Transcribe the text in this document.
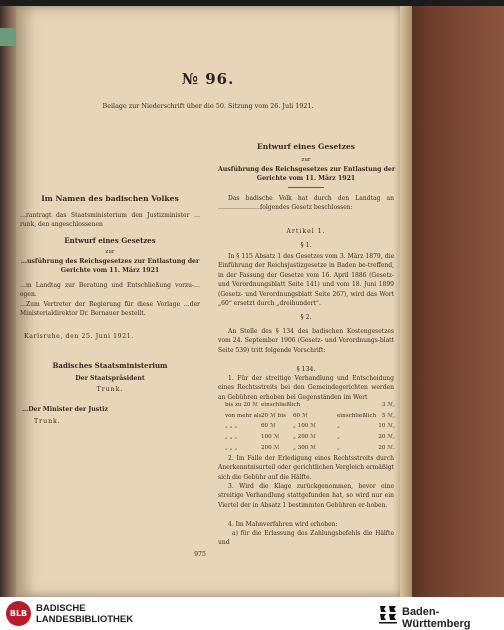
№ 96.

Beilage zur Niederschrift über die 50. Sitzung vom 26. Juli 1921.

Entwurf eines Gesetzes

zur

Ausführung des Reichsgesetzes zur Entlastung der

Gerichte vom 11. März 1921

Das badische Volk hat durch den Landtag an …………………folgendes Gesetz beschlossen:

Artikel 1.

§ 1.

In § 115 Absatz 1 des Gesetzes vom 3. März 1879, die Einführung der Reichsjustizgesetze in Baden be-treffend, in der Fassung der Gesetze vom 16. April 1886 (Gesetz- und Verordnungsblatt Seite 141) und vom 18. Juni 1899 (Gesetz- und Verordnungsblatt Seite 267), wird das Wort „60“ ersetzt durch „dreihundert“.

§ 2.

An Stelle des § 134 des badischen Kostengesetzes vom 24. September 1906 (Gesetz- und Verordnungs-blatt Seite 539) tritt folgende Vorschrift:

§ 134.

1. Für der streitige Verhandlung und Entscheidung eines Rechtsstreits bei den Gemeindegerichten werden an Gebühren erhoben bei Gegenständen im Wert

bis zu 20 ℳ einschließlich	3 ℳ,
von mehr als 20 ℳ bis 60 ℳ	einschließlich 5 ℳ,
„ „ „	60 ℳ	„ 100 ℳ	„	10 ℳ,
„ „ „	100 ℳ „ 200 ℳ	„	20 ℳ,
„ „ „	200 ℳ „ 300 ℳ	„	20 ℳ.

2. Im Falle der Erledigung eines Rechtsstreits durch Anerkenntnisurteil oder gerichtlichen Vergleich ermäßigt sich die Gebühr auf die Hälfte.

3. Wird die Klage zurückgenommen, bevor eine streitige Verhandlung stattgefunden hat, so wird nur ein Viertel der in Absatz 1 bestimmten Gebühren er-hoben.

4. Im Mahnverfahren wird erhoben:

a) für die Erlassung des Zahlungsbefehls die Hälfte und

Im Namen des badischen Volkes

…rantragt das Staatsministerium den Justizminister …runk, den angeschlossenen

Entwurf eines Gesetzes

zur

…usführung des Reichsgesetzes zur Entlastung der

Gerichte vom 11. März 1921

…m Landtag zur Beratung und Entschließung vorzu-…egen.

…Zum Vertreter der Regierung für diese Vorlage …der Ministerialdirektor Dr. Bernauer bestellt.

Karlsruhe, den 25. Juni 1921.

Badisches Staatsministerium

Der Staatspräsident

Trunk.

…Der Minister der Justiz

Trunk.

975

BLB BADISCHE
LANDESBIBLIOTHEK
Baden-Württemberg
